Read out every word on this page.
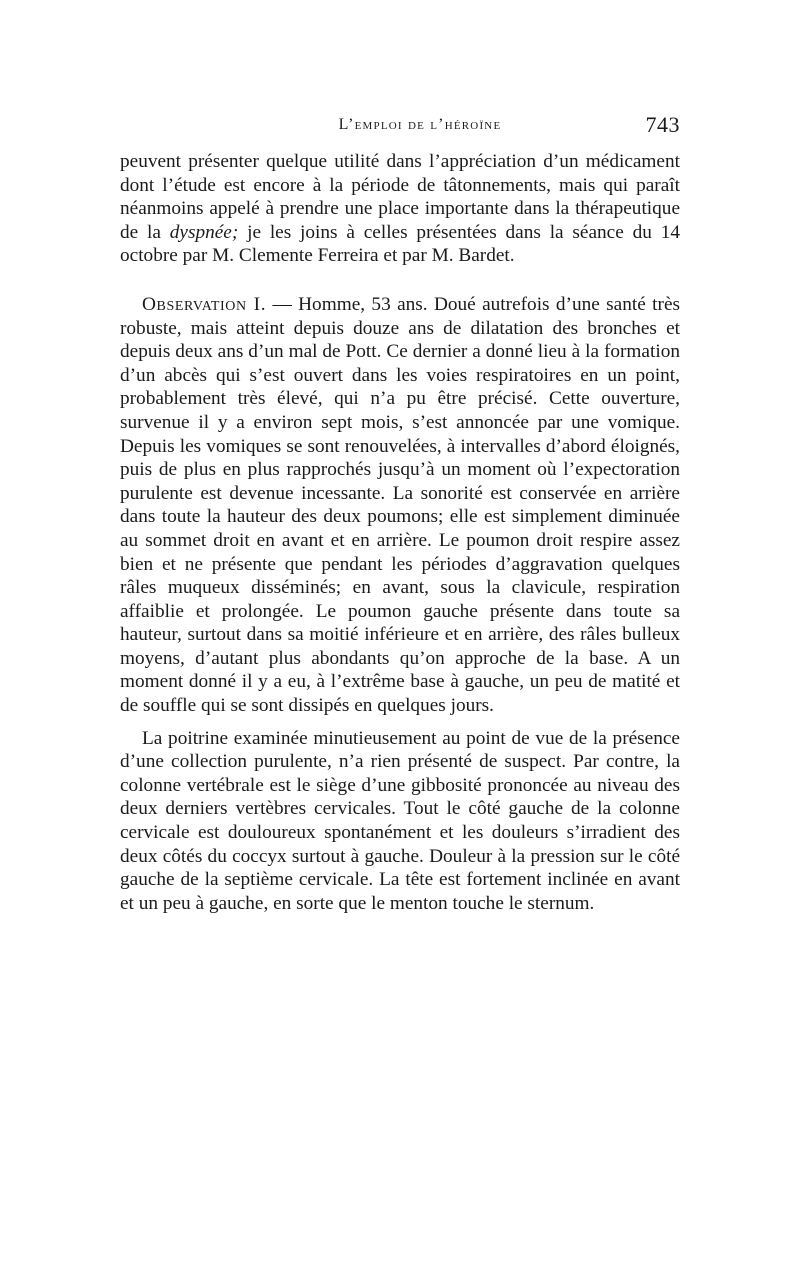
L’emploi de l’héroïne	743

peuvent présenter quelque utilité dans l’appréciation d’un médicament dont l’étude est encore à la période de tâtonnements, mais qui paraît néanmoins appelé à prendre une place importante dans la thérapeutique de la dyspnée; je les joins à celles présentées dans la séance du 14 octobre par M. Clemente Ferreira et par M. Bardet.

Observation I. — Homme, 53 ans. Doué autrefois d’une santé très robuste, mais atteint depuis douze ans de dilatation des bronches et depuis deux ans d’un mal de Pott. Ce dernier a donné lieu à la formation d’un abcès qui s’est ouvert dans les voies respiratoires en un point, probablement très élevé, qui n’a pu être précisé. Cette ouverture, survenue il y a environ sept mois, s’est annoncée par une vomique. Depuis les vomiques se sont renouvelées, à intervalles d’abord éloignés, puis de plus en plus rapprochés jusqu’à un moment où l’expectoration purulente est devenue incessante. La sonorité est conservée en arrière dans toute la hauteur des deux poumons; elle est simplement diminuée au sommet droit en avant et en arrière. Le poumon droit respire assez bien et ne présente que pendant les périodes d’aggravation quelques râles muqueux disséminés; en avant, sous la clavicule, respiration affaiblie et prolongée. Le poumon gauche présente dans toute sa hauteur, surtout dans sa moitié inférieure et en arrière, des râles bulleux moyens, d’autant plus abondants qu’on approche de la base. A un moment donné il y a eu, à l’extrême base à gauche, un peu de matité et de souffle qui se sont dissipés en quelques jours.

La poitrine examinée minutieusement au point de vue de la présence d’une collection purulente, n’a rien présenté de suspect. Par contre, la colonne vertébrale est le siège d’une gibbosité prononcée au niveau des deux derniers vertèbres cervicales. Tout le côté gauche de la colonne cervicale est douloureux spontanément et les douleurs s’irradient des deux côtés du coccyx surtout à gauche. Douleur à la pression sur le côté gauche de la septième cervicale. La tête est fortement inclinée en avant et un peu à gauche, en sorte que le menton touche le sternum.
